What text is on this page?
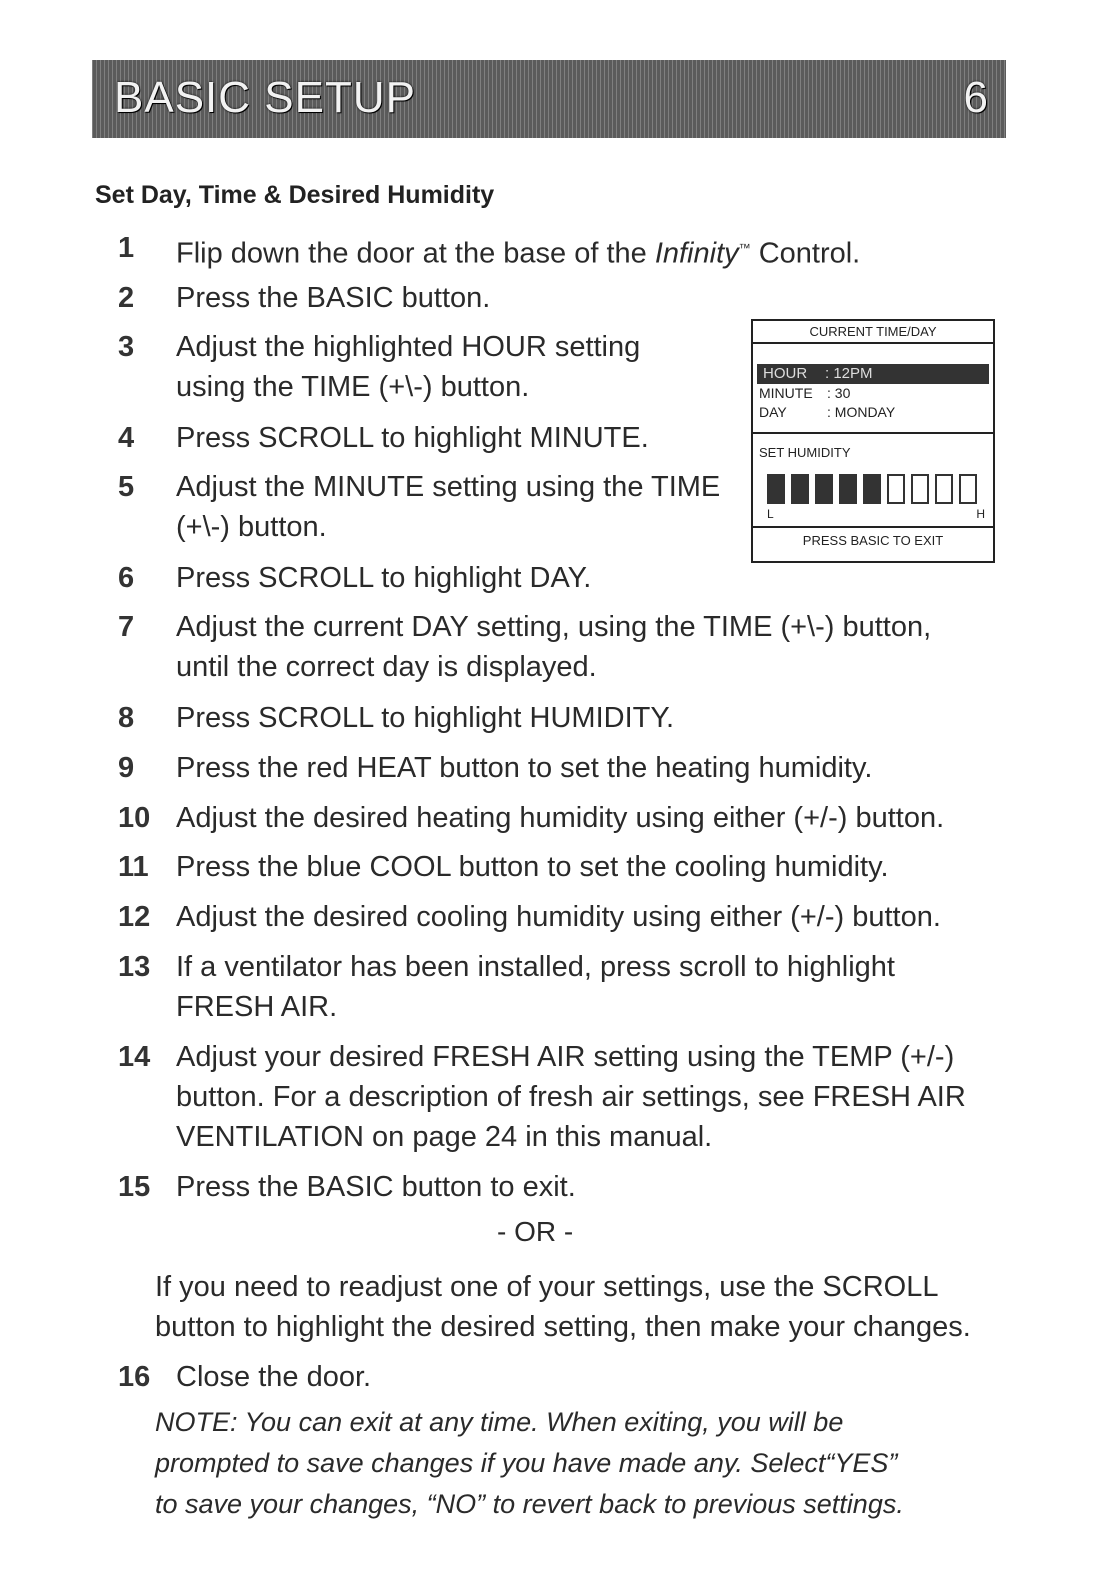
BASIC SETUP	6
Set Day, Time & Desired Humidity
1	Flip down the door at the base of the Infinity™ Control.
2	Press the BASIC button.
3	Adjust the highlighted HOUR setting
using the TIME (+\-) button.
4	Press SCROLL to highlight MINUTE.
5	Adjust the MINUTE setting using the TIME
(+\-) button.
6	Press SCROLL to highlight DAY.
7	Adjust the current DAY setting, using the TIME (+\-) button,
until the correct day is displayed.
8	Press SCROLL to highlight HUMIDITY.
9	Press the red HEAT button to set the heating humidity.
10 Adjust the desired heating humidity using either (+/-) button.
11 Press the blue COOL button to set the cooling humidity.
12 Adjust the desired cooling humidity using either (+/-) button.
13 If a ventilator has been installed, press scroll to highlight
FRESH AIR.
14 Adjust your desired FRESH AIR setting using the TEMP (+/-)
button. For a description of fresh air settings, see FRESH AIR
VENTILATION on page 24 in this manual.
15 Press the BASIC button to exit.
- OR -
If you need to readjust one of your settings, use the SCROLL
button to highlight the desired setting, then make your changes.
16 Close the door.
NOTE: You can exit at any time. When exiting, you will be
prompted to save changes if you have made any. Select“YES”
to save your changes, “NO” to revert back to previous settings.
CURRENT TIME/DAY
HOUR : 12PM
MINUTE : 30
DAY	: MONDAY
SET HUMIDITY
L	H
PRESS BASIC TO EXIT
